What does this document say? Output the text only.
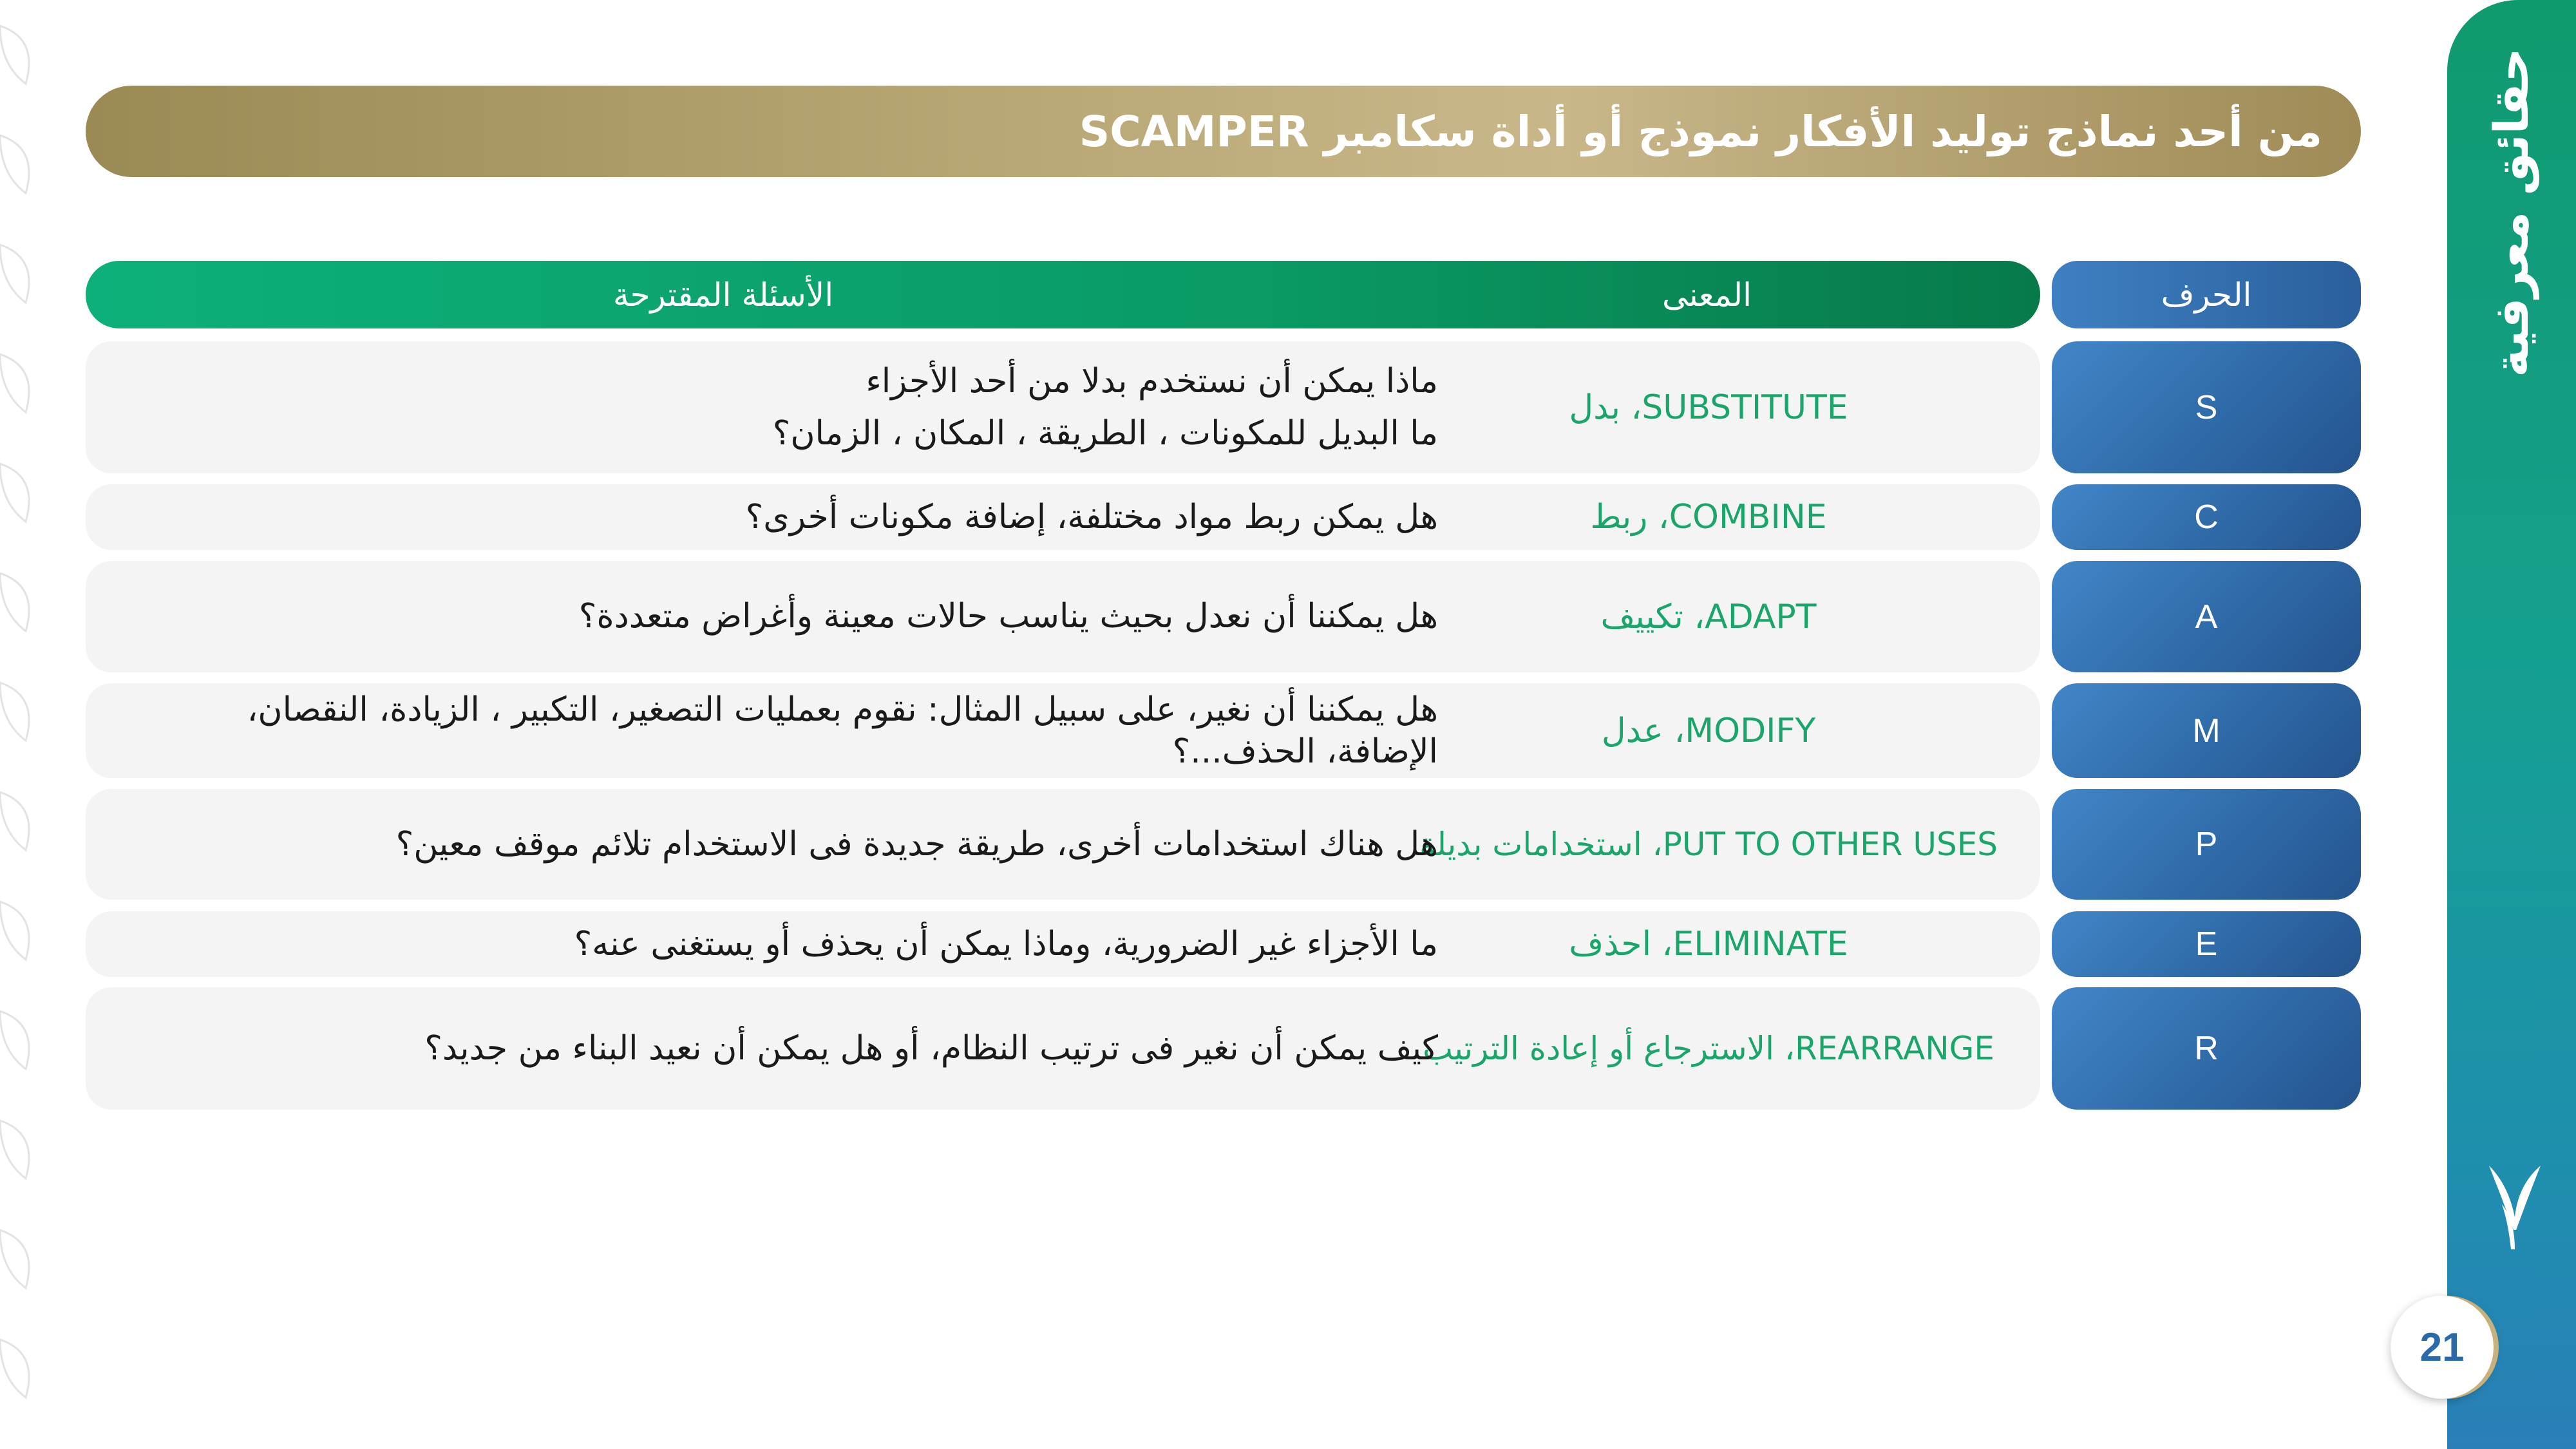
حقائق معرفية
21
من أحد نماذج توليد الأفكار نموذج أو أداة سكامبر SCAMPER
الأسئلة المقترحة	المعنى	الحرف
S
SUBSTITUTE، بدل
ماذا يمكن أن نستخدم بدلا من أحد الأجزاء
ما البديل للمكونات ، الطريقة ، المكان ، الزمان؟
C
COMBINE، ربط
هل يمكن ربط مواد مختلفة، إضافة مكونات أخرى؟
A
ADAPT، تكييف
هل يمكننا أن نعدل بحيث يناسب حالات معينة وأغراض متعددة؟
M
MODIFY، عدل
هل يمكننا أن نغير، على سبيل المثال: نقوم بعمليات التصغير، التكبير ، الزيادة، النقصان،
الإضافة، الحذف...؟
P
PUT TO OTHER USES، استخدامات بديلة
هل هناك استخدامات أخرى، طريقة جديدة فى الاستخدام تلائم موقف معين؟
E
ELIMINATE، احذف
ما الأجزاء غير الضرورية، وماذا يمكن أن يحذف أو يستغنى عنه؟
R
REARRANGE، الاسترجاع أو إعادة الترتيب
كيف يمكن أن نغير فى ترتيب النظام، أو هل يمكن أن نعيد البناء من جديد؟
